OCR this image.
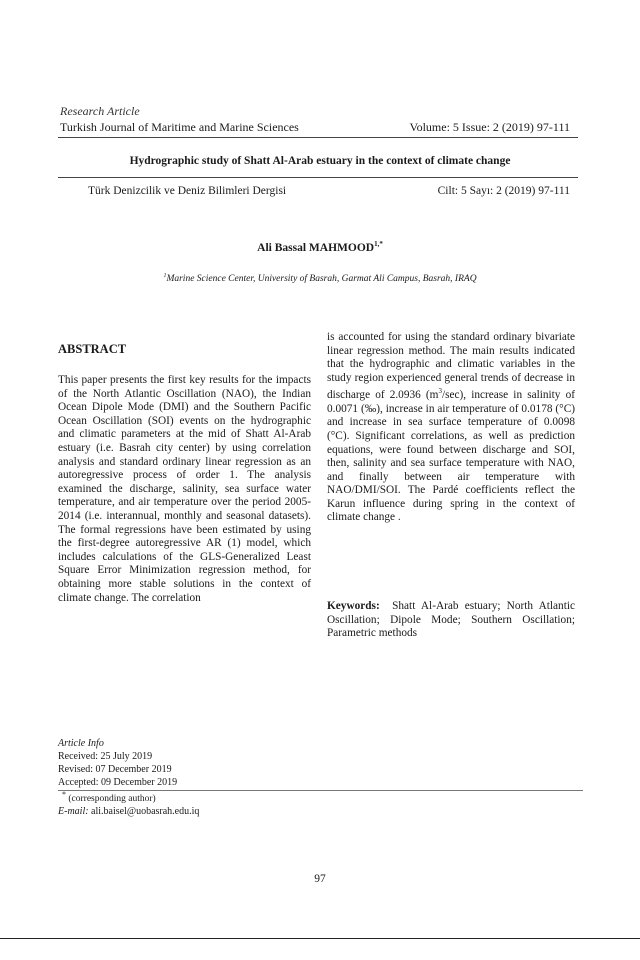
Research Article
Turkish Journal of Maritime and Marine Sciences	Volume: 5 Issue: 2 (2019) 97-111
Hydrographic study of Shatt Al-Arab estuary in the context of climate change
Türk Denizcilik ve Deniz Bilimleri Dergisi	Cilt: 5 Sayı: 2 (2019) 97-111
Ali Bassal $MAHMOOD^{1,*}$
$^1$Marine Science Center, University of Basrah, Garmat Ali Campus, Basrah, IRAQ
ABSTRACT
This paper presents the first key results for the impacts of the North Atlantic Oscillation (NAO), the Indian Ocean Dipole Mode (DMI) and the Southern Pacific Ocean Oscillation (SOI) events on the hydrographic and climatic parameters at the mid of Shatt Al-Arab estuary (i.e. Basrah city center) by using correlation analysis and standard ordinary linear regression as an autoregressive process of order 1. The analysis examined the discharge, salinity, sea surface water temperature, and air temperature over the period 2005-2014 (i.e. interannual, monthly and seasonal datasets). The formal regressions have been estimated by using the first-degree autoregressive AR (1) model, which includes calculations of the GLS-Generalized Least Square Error Minimization regression method, for obtaining more stable solutions in the context of climate change. The correlation
is accounted for using the standard ordinary bivariate linear regression method. The main results indicated that the hydrographic and climatic variables in the study region experienced general trends of decrease in discharge of 2.0936 $(m^3/\sec)$, increase in salinity of 0.0071 (‰), increase in air temperature of 0.0178 (°C) and increase in sea surface temperature of 0.0098 (°C). Significant correlations, as well as prediction equations, were found between discharge and SOI, then, salinity and sea surface temperature with NAO, and finally between air temperature with NAO/DMI/SOI. The Pardé coefficients reflect the Karun influence during spring in the context of climate change .
Keywords: Shatt Al-Arab estuary; North Atlantic Oscillation; Dipole Mode; Southern Oscillation; Parametric methods
Article Info
Received: 25 July 2019
Revised: 07 December 2019
Accepted: 09 December 2019
* (corresponding author)
E-mail: ali.baisel@uobasrah.edu.iq
97
